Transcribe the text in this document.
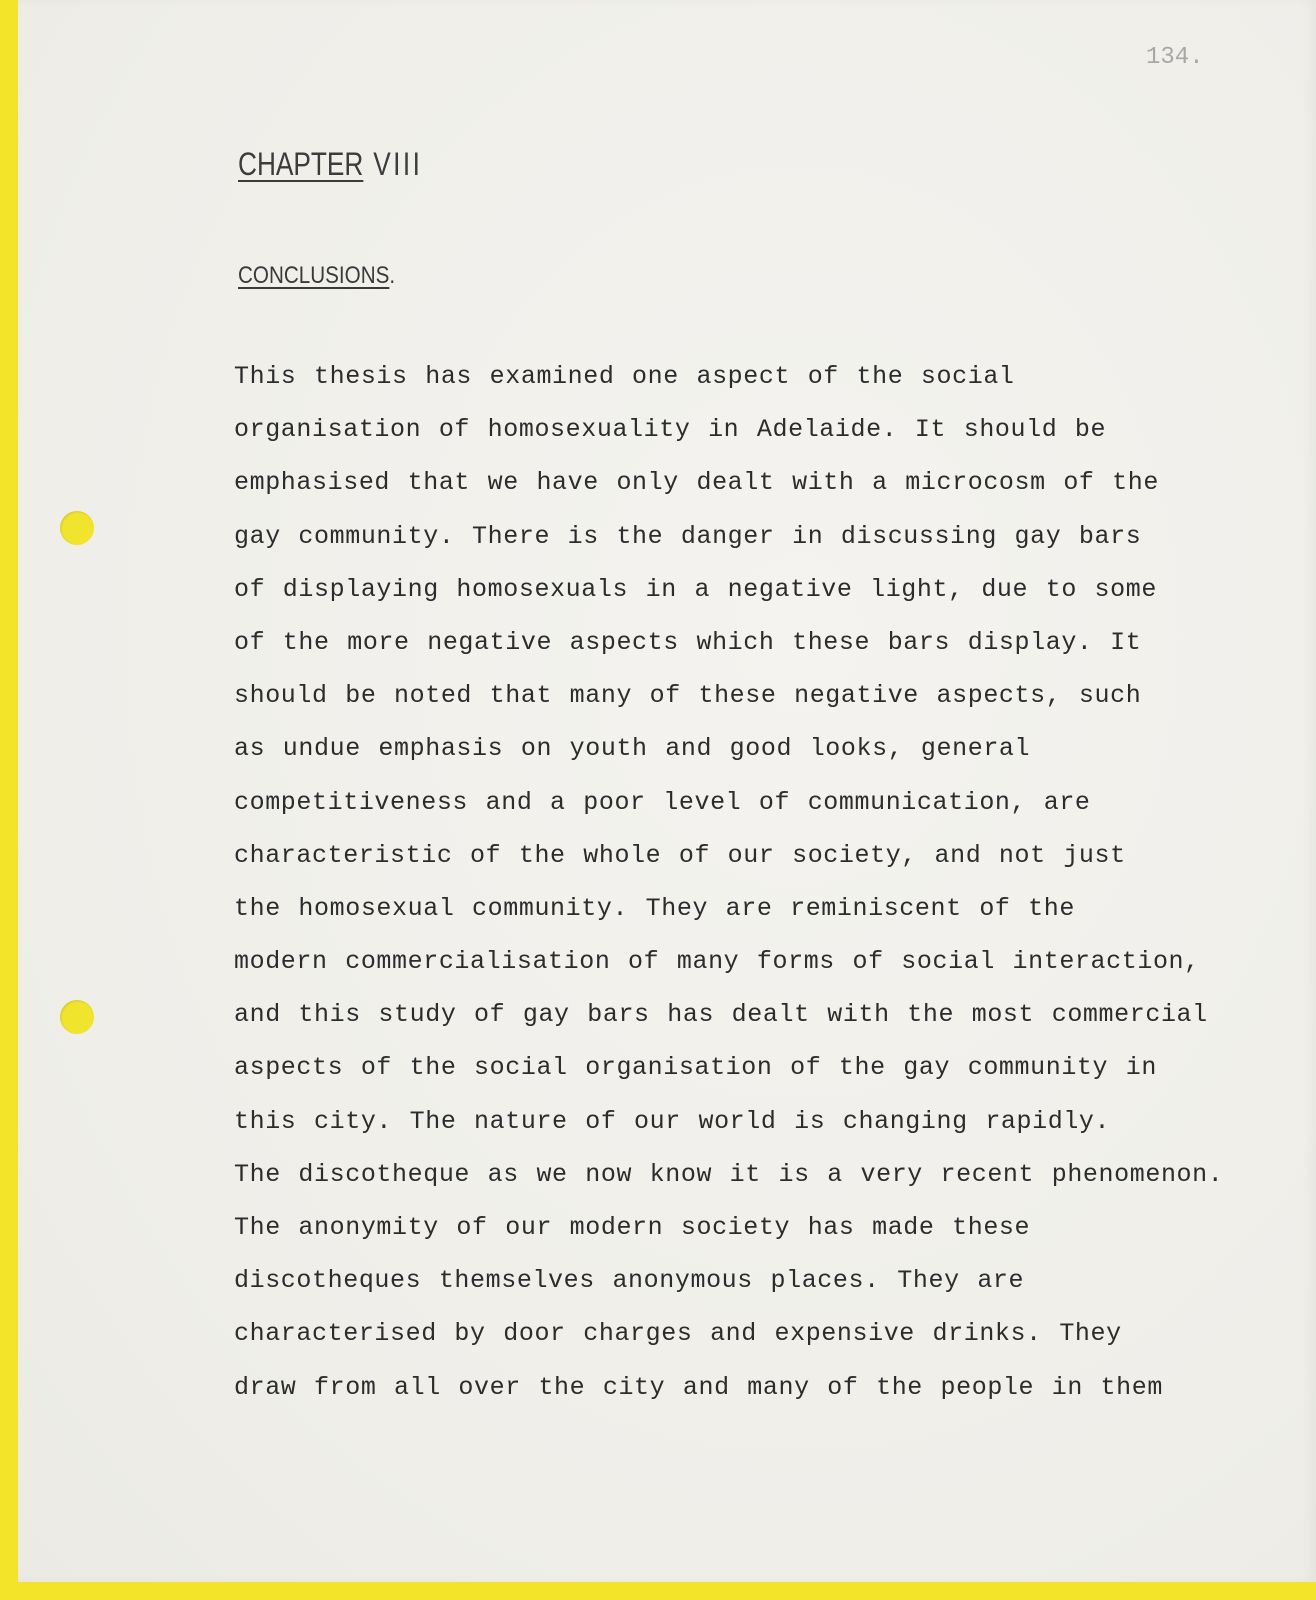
134.
CHAPTER VIII
CONCLUSIONS.
This thesis has examined one aspect of the social
organisation of homosexuality in Adelaide. It should be
emphasised that we have only dealt with a microcosm of the
gay community. There is the danger in discussing gay bars
of displaying homosexuals in a negative light, due to some
of the more negative aspects which these bars display. It
should be noted that many of these negative aspects, such
as undue emphasis on youth and good looks, general
competitiveness and a poor level of communication, are
characteristic of the whole of our society, and not just
the homosexual community. They are reminiscent of the
modern commercialisation of many forms of social interaction,
and this study of gay bars has dealt with the most commercial
aspects of the social organisation of the gay community in
this city. The nature of our world is changing rapidly.
The discotheque as we now know it is a very recent phenomenon.
The anonymity of our modern society has made these
discotheques themselves anonymous places. They are
characterised by door charges and expensive drinks. They
draw from all over the city and many of the people in them
